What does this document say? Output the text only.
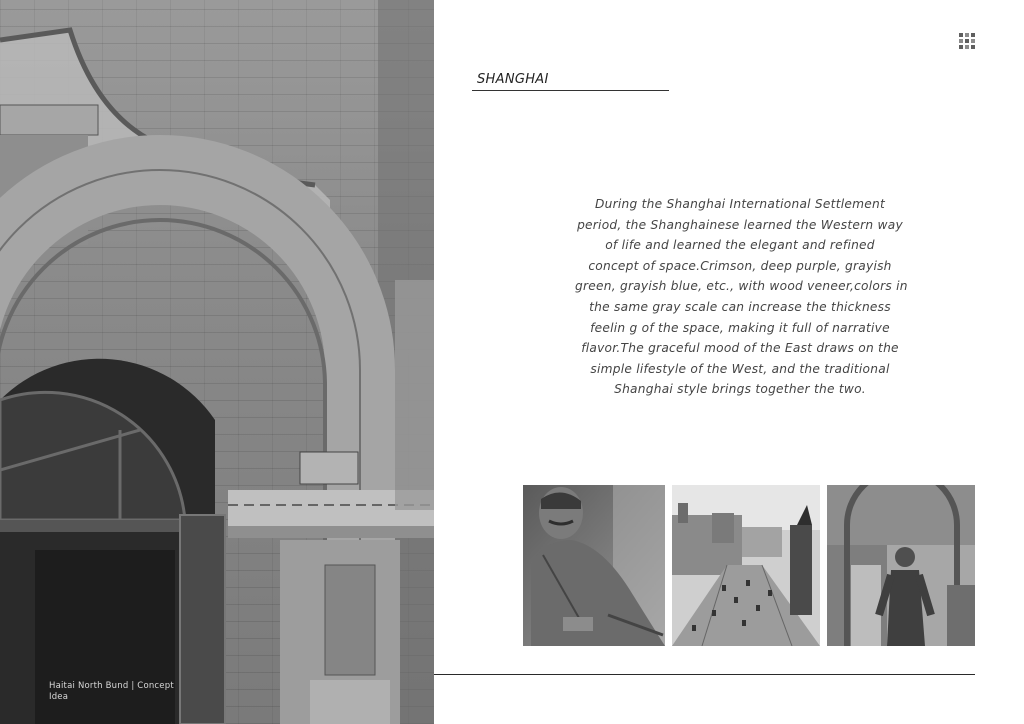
Haitai North Bund | Concept Idea
SHANGHAI
During the Shanghai International Settlement
period, the Shanghainese learned the Western way
of life and learned the elegant and refined
concept of space.Crimson, deep purple, grayish
green, grayish blue, etc., with wood veneer,colors in
the same gray scale can increase the thickness
feelin g of the space, making it full of narrative
flavor.The graceful mood of the East draws on the
simple lifestyle of the West, and the traditional
Shanghai style brings together the two.
